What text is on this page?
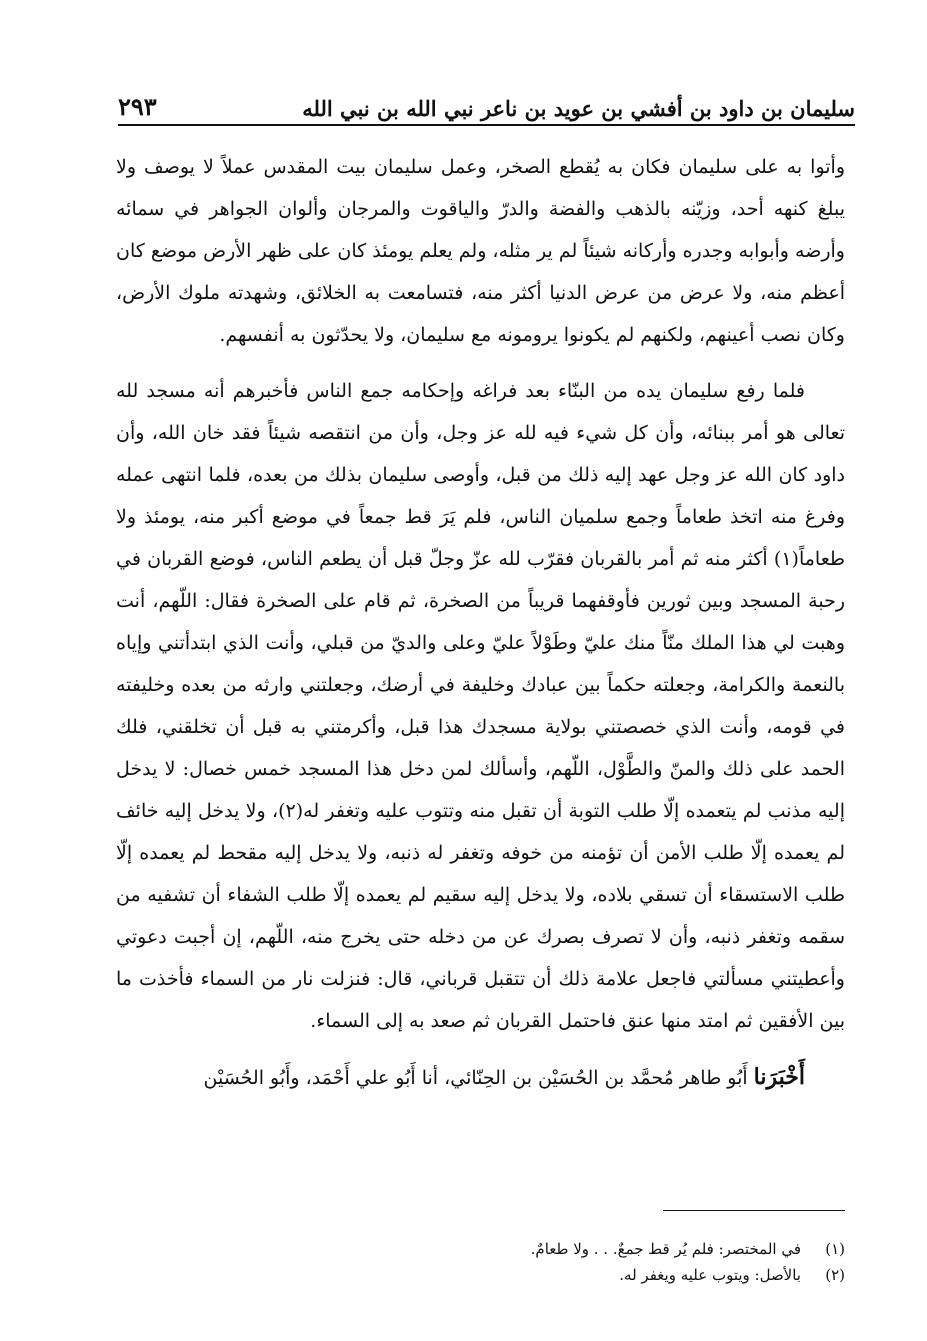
سليمان بن داود بن أفشي بن عويد بن ناعر نبي الله بن نبي الله
٢٩٣

وأتوا به على سليمان فكان به يُقطع الصخر، وعمل سليمان بيت المقدس عملاً لا يوصف ولا يبلغ كنهه أحد، وزيّنه بالذهب والفضة والدرّ والياقوت والمرجان وألوان الجواهر في سمائه وأرضه وأبوابه وجدره وأركانه شيئاً لم ير مثله، ولم يعلم يومئذ كان على ظهر الأرض موضع كان أعظم منه، ولا عرض من عرض الدنيا أكثر منه، فتسامعت به الخلائق، وشهدته ملوك الأرض، وكان نصب أعينهم، ولكنهم لم يكونوا يرومونه مع سليمان، ولا يحدّثون به أنفسهم.

فلما رفع سليمان يده من البنّاء بعد فراغه وإحكامه جمع الناس فأخبرهم أنه مسجد لله تعالى هو أمر ببنائه، وأن كل شيء فيه لله عز وجل، وأن من انتقصه شيئاً فقد خان الله، وأن داود كان الله عز وجل عهد إليه ذلك من قبل، وأوصى سليمان بذلك من بعده، فلما انتهى عمله وفرغ منه اتخذ طعاماً وجمع سلميان الناس، فلم يَرَ قط جمعاً في موضع أكبر منه، يومئذ ولا طعاماً(١) أكثر منه ثم أمر بالقربان فقرّب لله عزّ وجلّ قبل أن يطعم الناس، فوضع القربان في رحبة المسجد وبين ثورين فأوقفهما قريباً من الصخرة، ثم قام على الصخرة فقال: اللّهم، أنت وهبت لي هذا الملك منّاً منك عليّ وطَوْلاً عليّ وعلى والديّ من قبلي، وأنت الذي ابتدأتني وإياه بالنعمة والكرامة، وجعلته حكماً بين عبادك وخليفة في أرضك، وجعلتني وارثه من بعده وخليفته في قومه، وأنت الذي خصصتني بولاية مسجدك هذا قبل، وأكرمتني به قبل أن تخلقني، فلك الحمد على ذلك والمنّ والطَّوْل، اللّهم، وأسألك لمن دخل هذا المسجد خمس خصال: لا يدخل إليه مذنب لم يتعمده إلّا طلب التوبة أن تقبل منه وتتوب عليه وتغفر له(٢)، ولا يدخل إليه خائف لم يعمده إلّا طلب الأمن أن تؤمنه من خوفه وتغفر له ذنبه، ولا يدخل إليه مقحط لم يعمده إلّا طلب الاستسقاء أن تسقي بلاده، ولا يدخل إليه سقيم لم يعمده إلّا طلب الشفاء أن تشفيه من سقمه وتغفر ذنبه، وأن لا تصرف بصرك عن من دخله حتى يخرج منه، اللّهم، إن أجبت دعوتي وأعطيتني مسألتي فاجعل علامة ذلك أن تتقبل قرباني، قال: فنزلت نار من السماء فأخذت ما بين الأفقين ثم امتد منها عنق فاحتمل القربان ثم صعد به إلى السماء.

أَخْبَرَنا أَبُو طاهر مُحمَّد بن الحُسَيْن بن الحِنّائي، أنا أَبُو علي أَحْمَد، وأَبُو الحُسَيْن

(١)
في المختصر: فلم يُر قط جمعٌ. . . ولا طعامٌ.

(٢)
بالأصل: ويتوب عليه ويغفر له.
